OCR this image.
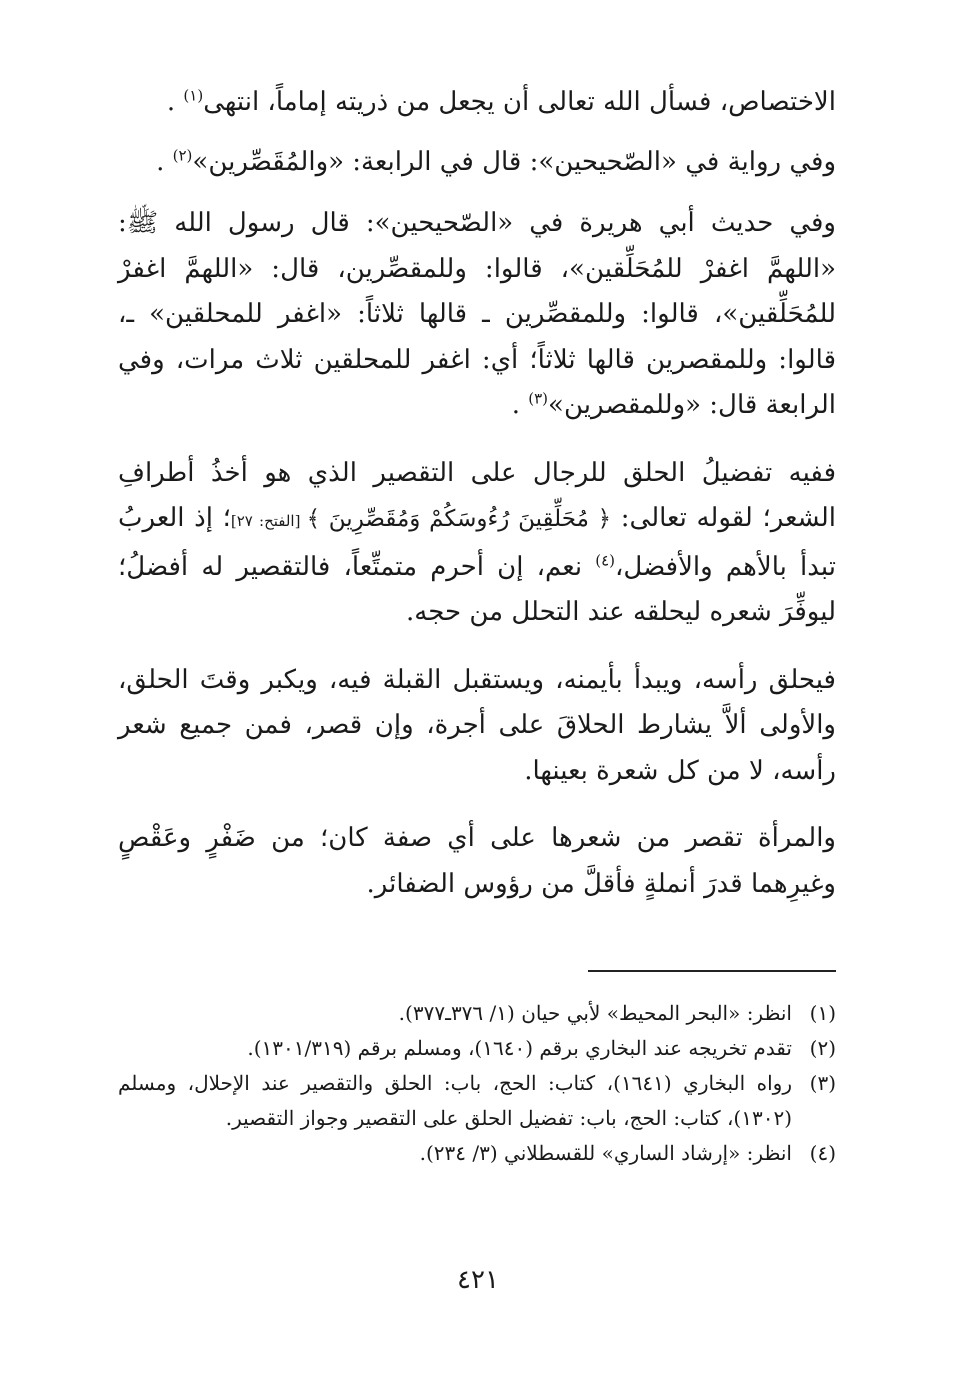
الاختصاص، فسأل الله تعالى أن يجعل من ذريته إماماً، انتهى$^{(١)}$ .

وفي رواية في «الصّحيحين»: قال في الرابعة: «والمُقَصِّرين»$^{(٢)}$ .

وفي حديث أبي هريرة في «الصّحيحين»: قال رسول الله ﷺ: «اللهمَّ اغفرْ للمُحَلِّقين»، قالوا: وللمقصِّرين، قال: «اللهمَّ اغفرْ للمُحَلِّقين»، قالوا: وللمقصِّرين ـ قالها ثلاثاً: «اغفر للمحلقين» ـ، قالوا: وللمقصرين قالها ثلاثاً؛ أي: اغفر للمحلقين ثلاث مرات، وفي الرابعة قال: «وللمقصرين»$^{(٣)}$ .

ففيه تفضيلُ الحلق للرجال على التقصير الذي هو أخذُ أطرافِ الشعر؛ لقوله تعالى: ﴿ مُحَلِّقِينَ رُءُوسَكُمْ وَمُقَصِّرِينَ ﴾ [الفتح: ٢٧]؛ إذ العربُ تبدأ بالأهم والأفضل،$^{(٤)}$ نعم، إن أحرم متمتِّعاً، فالتقصير له أفضلُ؛ ليوفِّرَ شعره ليحلقه عند التحلل من حجه.

فيحلق رأسه، ويبدأ بأيمنه، ويستقبل القبلة فيه، ويكبر وقتَ الحلق، والأولى ألاَّ يشارط الحلاقَ على أجرة، وإن قصر، فمن جميع شعر رأسه، لا من كل شعرة بعينها.

والمرأة تقصر من شعرها على أي صفة كان؛ من ضَفْرٍ وعَقْصٍ وغيرِهما قدرَ أنملةٍ فأقلَّ من رؤوس الضفائر.

(١)
انظر: «البحر المحيط» لأبي حيان (١/ ٣٧٦ـ٣٧٧).
(٢)
تقدم تخريجه عند البخاري برقم (١٦٤٠)، ومسلم برقم (١٣٠١/٣١٩).
(٣)
رواه البخاري (١٦٤١)، كتاب: الحج، باب: الحلق والتقصير عند الإحلال، ومسلم (١٣٠٢)، كتاب: الحج، باب: تفضيل الحلق على التقصير وجواز التقصير.
(٤)
انظر: «إرشاد الساري» للقسطلاني (٣/ ٢٣٤).
٤٢١
